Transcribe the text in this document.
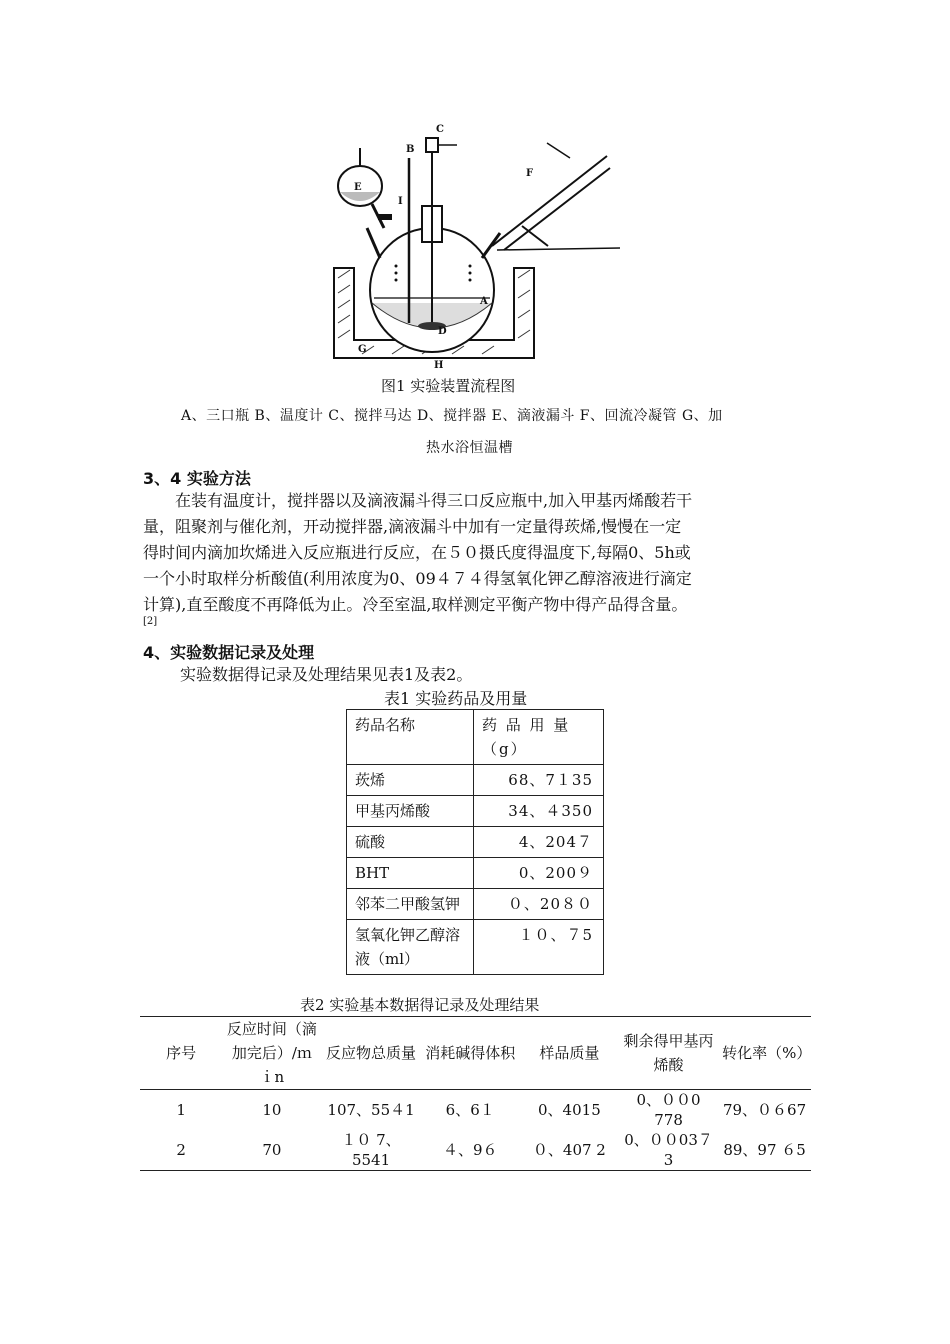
A
B
C
D
E
F
G
H
I
图1 实验装置流程图
A、三口瓶 B、温度计 C、搅拌马达 D、搅拌器 E、滴液漏斗 F、回流冷凝管 G、加
热水浴恒温槽
3、4 实验方法
在装有温度计，搅拌器以及滴液漏斗得三口反应瓶中,加入甲基丙烯酸若干
量，阻聚剂与催化剂，开动搅拌器,滴液漏斗中加有一定量得莰烯,慢慢在一定
得时间内滴加坎烯进入反应瓶进行反应，在５０摄氏度得温度下,每隔0、5h或
一个小时取样分析酸值(利用浓度为0、09４７４得氢氧化钾乙醇溶液进行滴定
计算),直至酸度不再降低为止。冷至室温,取样测定平衡产物中得产品得含量。
[2]
4、实验数据记录及处理
实验数据得记录及处理结果见表1及表2。
表1 实验药品及用量
药品名称	药 品 用 量（g）
莰烯	68、7１35
甲基丙烯酸	34、４350
硫酸	4、204７
BHT	0、200９
邻苯二甲酸氢钾	０、20８０
氢氧化钾乙醇溶液（ml）	１０、７5
表2 实验基本数据得记录及处理结果
序号	反应时间（滴加完后）/ｍｉn	反应物总质量	消耗碱得体积	样品质量	剩余得甲基丙烯酸	转化率（%）
1	10	107、55４1	6、6１	0、4015	0、００0 778	79、０６67
2	70	１０ 7、5541	４、9６	０、407 2	0、００03７3	89、97 ６5
